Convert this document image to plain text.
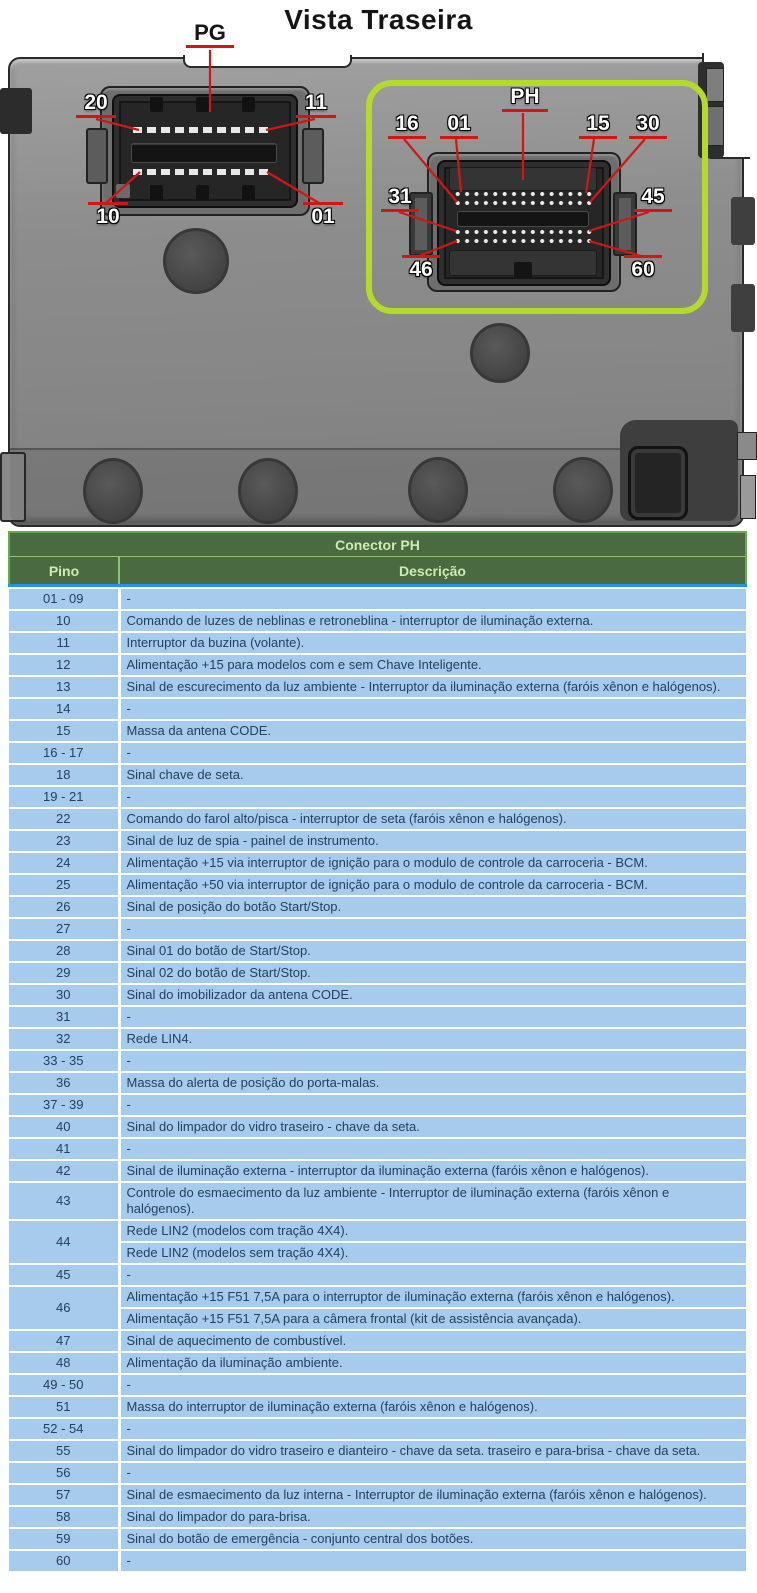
Vista Traseira
PG
PH
20	11
10	01
16	01	15	30
31	45
46	60
Conector PH	
Pino	Descrição

01 - 09	-
10	Comando de luzes de neblinas e retroneblina - interruptor de iluminação externa.
11	Interruptor da buzina (volante).
12	Alimentação +15 para modelos com e sem Chave Inteligente.
13	Sinal de escurecimento da luz ambiente - Interruptor da iluminação externa (faróis xênon e halógenos).
14	-
15	Massa da antena CODE.
16 - 17	-
18	Sinal chave de seta.
19 - 21	-
22	Comando do farol alto/pisca - interruptor de seta (faróis xênon e halógenos).
23	Sinal de luz de spia - painel de instrumento.
24	Alimentação +15 via interruptor de ignição para o modulo de controle da carroceria - BCM.
25	Alimentação +50 via interruptor de ignição para o modulo de controle da carroceria - BCM.
26	Sinal de posição do botão Start/Stop.
27	-
28	Sinal 01 do botão de Start/Stop.
29	Sinal 02 do botão de Start/Stop.
30	Sinal do imobilizador da antena CODE.
31	-
32	Rede LIN4.
33 - 35	-
36	Massa do alerta de posição do porta-malas.
37 - 39	-
40	Sinal do limpador do vidro traseiro - chave da seta.
41	-
42	Sinal de iluminação externa - interruptor da iluminação externa (faróis xênon e halógenos).
43	Controle do esmaecimento da luz ambiente - Interruptor de iluminação externa (faróis xênon e halógenos).
44	Rede LIN2 (modelos com tração 4X4).
	Rede LIN2 (modelos sem tração 4X4).
45	-
46	Alimentação +15 F51 7,5A para o interruptor de iluminação externa (faróis xênon e halógenos).
	Alimentação +15 F51 7,5A para a câmera frontal (kit de assistência avançada).
47	Sinal de aquecimento de combustível.
48	Alimentação da iluminação ambiente.
49 - 50	-
51	Massa do interruptor de iluminação externa (faróis xênon e halógenos).
52 - 54	-
55	Sinal do limpador do vidro traseiro e dianteiro - chave da seta. traseiro e para-brisa - chave da seta.
56	-
57	Sinal de esmaecimento da luz interna - Interruptor de iluminação externa (faróis xênon e halógenos).
58	Sinal do limpador do para-brisa.
59	Sinal do botão de emergência - conjunto central dos botões.
60	-
